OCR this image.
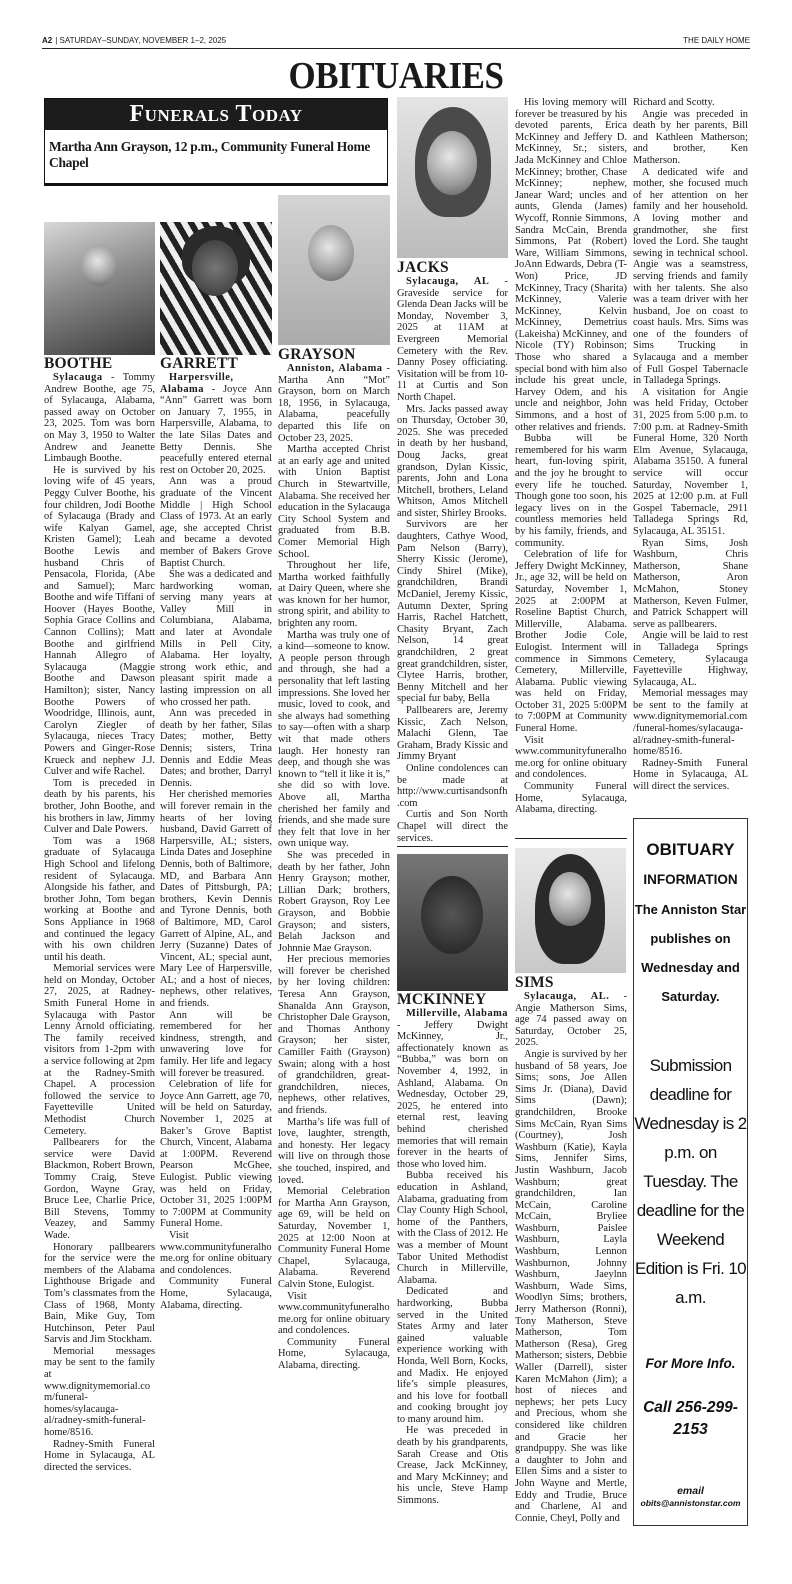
A2 | SATURDAY–SUNDAY, NOVEMBER 1–2, 2025	THE DAILY HOME
OBITUARIES
Funerals Today
Martha Ann Grayson, 12 p.m., Community Funeral Home Chapel
BOOTHE

Sylacauga - Tommy Andrew Boothe, age 75, of Sylacauga, Alabama, passed away on October 23, 2025. Tom was born on May 3, 1950 to Walter Andrew and Jeanette Limbaugh Boothe.

He is survived by his loving wife of 45 years, Peggy Culver Boothe, his four children, Jodi Boothe of Sylacauga (Brady and wife Kalyan Gamel, Kristen Gamel); Leah Boothe Lewis and husband Chris of Pensacola, Florida, (Abe and Samuel); Marc Boothe and wife Tiffani of Hoover (Hayes Boothe, Sophia Grace Collins and Cannon Collins); Matt Boothe and girlfriend Hannah Allegro of Sylacauga (Maggie Boothe and Dawson Hamilton); sister, Nancy Boothe Powers of Woodridge, Illinois, aunt, Carolyn Ziegler of Sylacauga, nieces Tracy Powers and Ginger-Rose Krueck and nephew J.J. Culver and wife Rachel.

Tom is preceded in death by his parents, his brother, John Boothe, and his brothers in law, Jimmy Culver and Dale Powers.

Tom was a 1968 graduate of Sylacauga High School and lifelong resident of Sylacauga. Alongside his father, and brother John, Tom began working at Boothe and Sons Appliance in 1968 and continued the legacy with his own children until his death.

Memorial services were held on Monday, October 27, 2025, at Radney-Smith Funeral Home in Sylacauga with Pastor Lenny Arnold officiating. The family received visitors from 1-2pm with a service following at 2pm at the Radney-Smith Chapel. A procession followed the service to Fayetteville United Methodist Church Cemetery.

Pallbearers for the service were David Blackmon, Robert Brown, Tommy Craig, Steve Gordon, Wayne Gray, Bruce Lee, Charlie Price, Bill Stevens, Tommy Veazey, and Sammy Wade.

Honorary pallbearers for the service were the members of the Alabama Lighthouse Brigade and Tom’s classmates from the Class of 1968, Monty Bain, Mike Guy, Tom Hutchinson, Peter Paul Sarvis and Jim Stockham.

Memorial messages may be sent to the family at www.dignitymemorial.com/funeral-homes/sylacauga-al/radney-smith-funeral-home/8516.

Radney-Smith Funeral Home in Sylacauga, AL directed the services.

GARRETT

Harpersville, Alabama - Joyce Ann “Ann” Garrett was born on January 7, 1955, in Harpersville, Alabama, to the late Silas Dates and Betty Dennis. She peacefully entered eternal rest on October 20, 2025.

Ann was a proud graduate of the Vincent Middle | High School Class of 1973. At an early age, she accepted Christ and became a devoted member of Bakers Grove Baptist Church.

She was a dedicated and hardworking woman, serving many years at Valley Mill in Columbiana, Alabama, and later at Avondale Mills in Pell City, Alabama. Her loyalty, strong work ethic, and pleasant spirit made a lasting impression on all who crossed her path.

Ann was preceded in death by her father, Silas Dates; mother, Betty Dennis; sisters, Trina Dennis and Eddie Meas Dates; and brother, Darryl Dennis.

Her cherished memories will forever remain in the hearts of her loving husband, David Garrett of Harpersville, AL; sisters, Linda Dates and Josephine Dennis, both of Baltimore, MD, and Barbara Ann Dates of Pittsburgh, PA; brothers, Kevin Dennis and Tyrone Dennis, both of Baltimore, MD, Carol Garrett of Alpine, AL, and Jerry (Suzanne) Dates of Vincent, AL; special aunt, Mary Lee of Harpersville, AL; and a host of nieces, nephews, other relatives, and friends.

Ann will be remembered for her kindness, strength, and unwavering love for family. Her life and legacy will forever be treasured.

Celebration of life for Joyce Ann Garrett, age 70, will be held on Saturday, November 1, 2025 at Baker’s Grove Baptist Church, Vincent, Alabama at 1:00PM. Reverend Pearson McGhee, Eulogist. Public viewing was held on Friday, October 31, 2025 1:00PM to 7:00PM at Community Funeral Home.

Visit www.communityfuneralhome.org for online obituary and condolences.

Community Funeral Home, Sylacauga, Alabama, directing.

GRAYSON

Anniston, Alabama - Martha Ann “Mot” Grayson, born on March 18, 1956, in Sylacauga, Alabama, peacefully departed this life on October 23, 2025.

Martha accepted Christ at an early age and united with Union Baptist Church in Stewartville, Alabama. She received her education in the Sylacauga City School System and graduated from B.B. Comer Memorial High School.

Throughout her life, Martha worked faithfully at Dairy Queen, where she was known for her humor, strong spirit, and ability to brighten any room.

Martha was truly one of a kind—someone to know. A people person through and through, she had a personality that left lasting impressions. She loved her music, loved to cook, and she always had something to say—often with a sharp wit that made others laugh. Her honesty ran deep, and though she was known to “tell it like it is,” she did so with love. Above all, Martha cherished her family and friends, and she made sure they felt that love in her own unique way.

She was preceded in death by her father, John Henry Grayson; mother, Lillian Dark; brothers, Robert Grayson, Roy Lee Grayson, and Bobbie Grayson; and sisters, Belah Jackson and Johnnie Mae Grayson.

Her precious memories will forever be cherished by her loving children: Teresa Ann Grayson, Shanalda Ann Grayson, Christopher Dale Grayson, and Thomas Anthony Grayson; her sister, Camiller Faith (Grayson) Swain; along with a host of grandchildren, great-grandchildren, nieces, nephews, other relatives, and friends.

Martha’s life was full of love, laughter, strength, and honesty. Her legacy will live on through those she touched, inspired, and loved.

Memorial Celebration for Martha Ann Grayson, age 69, will be held on Saturday, November 1, 2025 at 12:00 Noon at Community Funeral Home Chapel, Sylacauga, Alabama. Reverend Calvin Stone, Eulogist.

Visit www.communityfuneralhome.org for online obituary and condolences.

Community Funeral Home, Sylacauga, Alabama, directing.

JACKS

Sylacauga, AL - Graveside service for Glenda Dean Jacks will be Monday, November 3, 2025 at 11AM at Evergreen Memorial Cemetery with the Rev. Danny Posey officiating. Visitation will be from 10-11 at Curtis and Son North Chapel.

Mrs. Jacks passed away on Thursday, October 30, 2025. She was preceded in death by her husband, Doug Jacks, great grandson, Dylan Kissic, parents, John and Lona Mitchell, brothers, Leland Whitson, Amos Mitchell and sister, Shirley Brooks.

Survivors are her daughters, Cathye Wood, Pam Nelson (Barry), Sherry Kissic (Jerome), Cindy Shirel (Mike), grandchildren, Brandi McDaniel, Jeremy Kissic, Autumn Dexter, Spring Harris, Rachel Hatchett, Chasity Bryant, Zach Nelson, 14 great grandchildren, 2 great great grandchildren, sister, Clytee Harris, brother, Benny Mitchell and her special fur baby, Bella

Pallbearers are, Jeremy Kissic, Zach Nelson, Malachi Glenn, Tae Graham, Brady Kissic and Jimmy Bryant

Online condolences can be made at http://www.curtisandsonfh.com

Curtis and Son North Chapel will direct the services.

MCKINNEY

Millerville, Alabama - Jeffery Dwight McKinney, Jr., affectionately known as “Bubba,” was born on November 4, 1992, in Ashland, Alabama. On Wednesday, October 29, 2025, he entered into eternal rest, leaving behind cherished memories that will remain forever in the hearts of those who loved him.

Bubba received his education in Ashland, Alabama, graduating from Clay County High School, home of the Panthers, with the Class of 2012. He was a member of Mount Tabor United Methodist Church in Millerville, Alabama.

Dedicated and hardworking, Bubba served in the United States Army and later gained valuable experience working with Honda, Well Born, Kocks, and Madix. He enjoyed life’s simple pleasures, and his love for football and cooking brought joy to many around him.

He was preceded in death by his grandparents, Sarah Crease and Otis Crease, Jack McKinney, and Mary McKinney; and his uncle, Steve Hamp Simmons.

His loving memory will forever be treasured by his devoted parents, Erica McKinney and Jeffery D. McKinney, Sr.; sisters, Jada McKinney and Chloe McKinney; brother, Chase McKinney; nephew, Janear Ward; uncles and aunts, Glenda (James) Wycoff, Ronnie Simmons, Sandra McCain, Brenda Simmons, Pat (Robert) Ware, William Simmons, JoAnn Edwards, Debra (T-Won) Price, JD McKinney, Tracy (Sharita) McKinney, Valerie McKinney, Kelvin McKinney, Demetrius (Lakeisha) McKinney, and Nicole (TY) Robinson; Those who shared a special bond with him also include his great uncle, Harvey Odem, and his uncle and neighbor, John Simmons, and a host of other relatives and friends.

Bubba will be remembered for his warm heart, fun-loving spirit, and the joy he brought to every life he touched. Though gone too soon, his legacy lives on in the countless memories held by his family, friends, and community.

Celebration of life for Jeffery Dwight McKinney, Jr., age 32, will be held on Saturday, November 1, 2025 at 2:00PM at Roseline Baptist Church, Millerville, Alabama. Brother Jodie Cole, Eulogist. Interment will commence in Simmons Cemetery, Millerville, Alabama. Public viewing was held on Friday, October 31, 2025 5:00PM to 7:00PM at Community Funeral Home.

Visit www.communityfuneralhome.org for online obituary and condolences.

Community Funeral Home, Sylacauga, Alabama, directing.

SIMS

Sylacauga, AL. - Angie Matherson Sims, age 74 passed away on Saturday, October 25, 2025.

Angie is survived by her husband of 58 years, Joe Sims; sons, Joe Allen Sims Jr. (Diana), David Sims (Dawn); grandchildren, Brooke Sims McCain, Ryan Sims (Courtney), Josh Washburn (Katie), Kayla Sims, Jennifer Sims, Justin Washburn, Jacob Washburn; great grandchildren, Ian McCain, Caroline McCain, Bryliee Washburn, Paislee Washburn, Layla Washburn, Lennon Washburnon, Johnny Washburn, Jaeylnn Washburn, Wade Sims, Woodlyn Sims; brothers, Jerry Matherson (Ronni), Tony Matherson, Steve Matherson, Tom Matherson (Resa), Greg Matherson; sisters, Debbie Waller (Darrell), sister Karen McMahon (Jim); a host of nieces and nephews; her pets Lucy and Precious, whom she considered like children and Gracie her grandpuppy. She was like a daughter to John and Ellen Sims and a sister to John Wayne and Mertle, Eddy and Trudie, Bruce and Charlene, Al and Connie, Cheyl, Polly and

Richard and Scotty.

Angie was preceded in death by her parents, Bill and Kathleen Matherson; and brother, Ken Matherson.

A dedicated wife and mother, she focused much of her attention on her family and her household. A loving mother and grandmother, she first loved the Lord. She taught sewing in technical school. Angie was a seamstress, serving friends and family with her talents. She also was a team driver with her husband, Joe on coast to coast hauls. Mrs. Sims was one of the founders of Sims Trucking in Sylacauga and a member of Full Gospel Tabernacle in Talladega Springs.

A visitation for Angie was held Friday, October 31, 2025 from 5:00 p.m. to 7:00 p.m. at Radney-Smith Funeral Home, 320 North Elm Avenue, Sylacauga, Alabama 35150. A funeral service will occur Saturday, November 1, 2025 at 12:00 p.m. at Full Gospel Tabernacle, 2911 Talladega Springs Rd, Sylacauga, AL 35151.

Ryan Sims, Josh Washburn, Chris Matherson, Shane Matherson, Aron McMahon, Stoney Matherson, Keven Fulmer, and Patrick Schappert will serve as pallbearers.

Angie will be laid to rest in Talladega Springs Cemetery, Sylacauga Fayetteville Highway, Sylacauga, AL.

Memorial messages may be sent to the family at www.dignitymemorial.com/funeral-homes/sylacauga-al/radney-smith-funeral-home/8516.

Radney-Smith Funeral Home in Sylacauga, AL will direct the services.

OBITUARY
INFORMATION
The Anniston Star publishes on Wednesday and Saturday.
Submission deadline for Wednesday is 2 p.m. on Tuesday. The deadline for the Weekend Edition is Fri. 10 a.m.
For More Info.
Call 256-299-2153
email
obits@annistonstar.com
